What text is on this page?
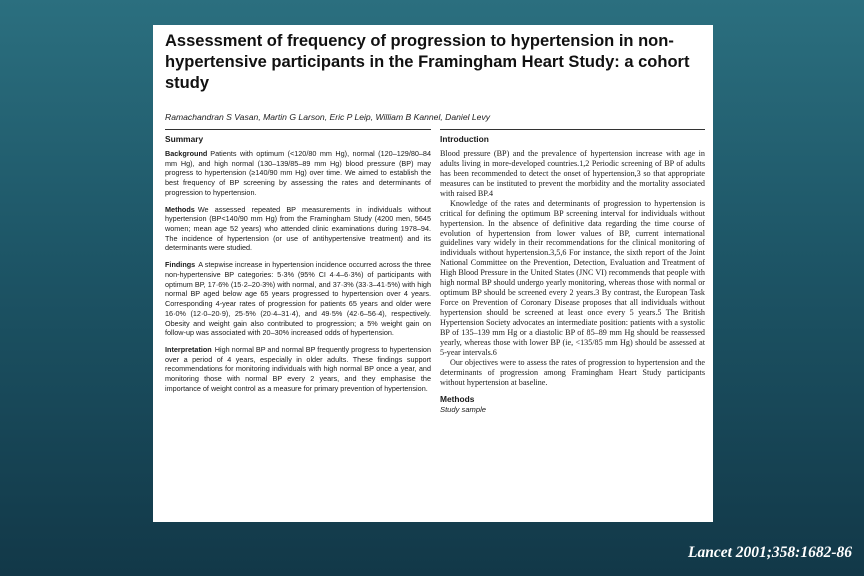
Assessment of frequency of progression to hypertension in non-hypertensive participants in the Framingham Heart Study: a cohort study
Ramachandran S Vasan, Martin G Larson, Eric P Leip, William B Kannel, Daniel Levy
Summary

Background Patients with optimum (<120/80 mm Hg), normal (120–129/80–84 mm Hg), and high normal (130–139/85–89 mm Hg) blood pressure (BP) may progress to hypertension (≥140/90 mm Hg) over time. We aimed to establish the best frequency of BP screening by assessing the rates and determinants of progression to hypertension.

Methods We assessed repeated BP measurements in individuals without hypertension (BP<140/90 mm Hg) from the Framingham Study (4200 men, 5645 women; mean age 52 years) who attended clinic examinations during 1978–94. The incidence of hypertension (or use of antihypertensive treatment) and its determinants were studied.

Findings A stepwise increase in hypertension incidence occurred across the three non-hypertensive BP categories: 5·3% (95% CI 4·4–6·3%) of participants with optimum BP, 17·6% (15·2–20·3%) with normal, and 37·3% (33·3–41·5%) with high normal BP aged below age 65 years progressed to hypertension over 4 years. Corresponding 4-year rates of progression for patients 65 years and older were 16·0% (12·0–20·9), 25·5% (20·4–31·4), and 49·5% (42·6–56·4), respectively. Obesity and weight gain also contributed to progression; a 5% weight gain on follow-up was associated with 20–30% increased odds of hypertension.

Interpretation High normal BP and normal BP frequently progress to hypertension over a period of 4 years, especially in older adults. These findings support recommendations for monitoring individuals with high normal BP once a year, and monitoring those with normal BP every 2 years, and they emphasise the importance of weight control as a measure for primary prevention of hypertension.

Introduction

Blood pressure (BP) and the prevalence of hypertension increase with age in adults living in more-developed countries.1,2 Periodic screening of BP of adults has been recommended to detect the onset of hypertension,3 so that appropriate measures can be instituted to prevent the morbidity and the mortality associated with raised BP.4

Knowledge of the rates and determinants of progression to hypertension is critical for defining the optimum BP screening interval for individuals without hypertension. In the absence of definitive data regarding the time course of evolution of hypertension from lower values of BP, current international guidelines vary widely in their recommendations for the clinical monitoring of individuals without hypertension.3,5,6 For instance, the sixth report of the Joint National Committee on the Prevention, Detection, Evaluation and Treatment of High Blood Pressure in the United States (JNC VI) recommends that people with high normal BP should undergo yearly monitoring, whereas those with normal or optimum BP should be screened every 2 years.3 By contrast, the European Task Force on Prevention of Coronary Disease proposes that all individuals without hypertension should be screened at least once every 5 years.5 The British Hypertension Society advocates an intermediate position: patients with a systolic BP of 135–139 mm Hg or a diastolic BP of 85–89 mm Hg should be reassessed yearly, whereas those with lower BP (ie, <135/85 mm Hg) should be assessed at 5-year intervals.6

Our objectives were to assess the rates of progression to hypertension and the determinants of progression among Framingham Heart Study participants without hypertension at baseline.

Methods
Study sample
Lancet 2001;358:1682-86
